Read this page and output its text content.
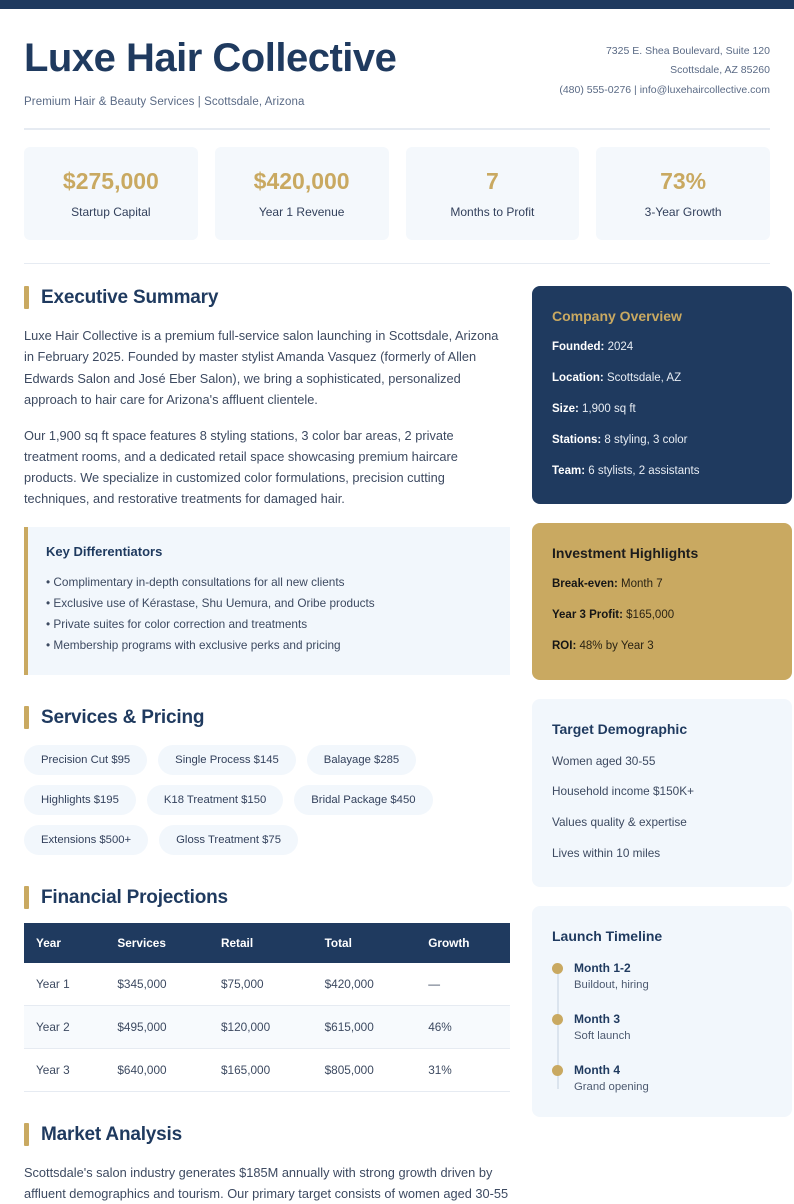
Luxe Hair Collective
Premium Hair & Beauty Services | Scottsdale, Arizona
7325 E. Shea Boulevard, Suite 120
Scottsdale, AZ 85260
(480) 555-0276 | info@luxehaircollective.com
$275,000
Startup Capital
$420,000
Year 1 Revenue
7
Months to Profit
73%
3-Year Growth
Executive Summary

Luxe Hair Collective is a premium full-service salon launching in Scottsdale, Arizona in February 2025. Founded by master stylist Amanda Vasquez (formerly of Allen Edwards Salon and José Eber Salon), we bring a sophisticated, personalized approach to hair care for Arizona's affluent clientele.

Our 1,900 sq ft space features 8 styling stations, 3 color bar areas, 2 private treatment rooms, and a dedicated retail space showcasing premium haircare products. We specialize in customized color formulations, precision cutting techniques, and restorative treatments for damaged hair.

Key Differentiators
• Complimentary in-depth consultations for all new clients
• Exclusive use of Kérastase, Shu Uemura, and Oribe products
• Private suites for color correction and treatments
• Membership programs with exclusive perks and pricing
Services & Pricing
Precision Cut $95	Single Process $145	Balayage $285
Highlights $195	K18 Treatment $150	Bridal Package $450
Extensions $500+	Gloss Treatment $75
Financial Projections
Year	Services	Retail	Total	Growth
Year 1	$345,000	$75,000	$420,000	—
Year 2	$495,000	$120,000	$615,000	46%
Year 3	$640,000	$165,000	$805,000	31%
Market Analysis

Scottsdale's salon industry generates $185M annually with strong growth driven by affluent demographics and tourism. Our primary target consists of women aged 30-55

Company Overview
Founded: 2024
Location: Scottsdale, AZ
Size: 1,900 sq ft
Stations: 8 styling, 3 color
Team: 6 stylists, 2 assistants
Investment Highlights
Break-even: Month 7
Year 3 Profit: $165,000
ROI: 48% by Year 3
Target Demographic
Women aged 30-55
Household income $150K+
Values quality & expertise
Lives within 10 miles
Launch Timeline
Month 1-2
Buildout, hiring
Month 3
Soft launch
Month 4
Grand opening
